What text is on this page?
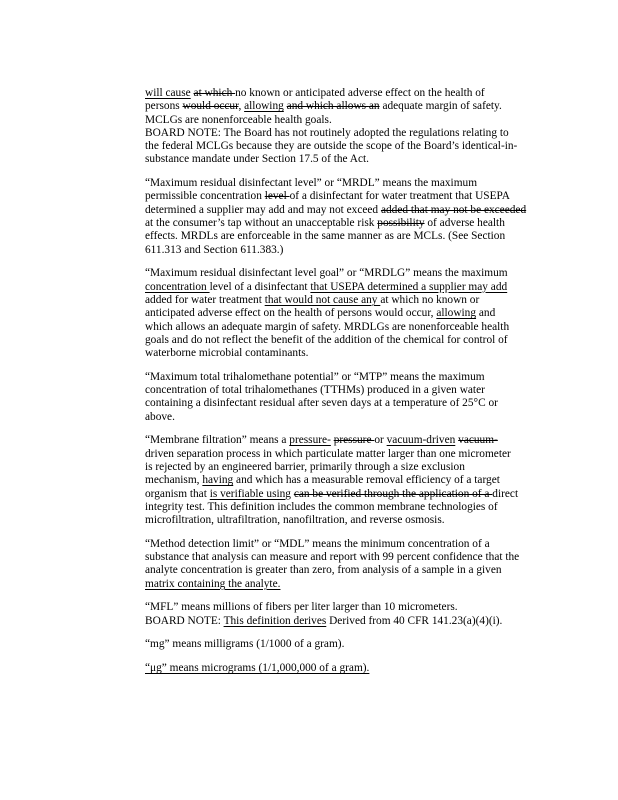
will cause at which no known or anticipated adverse effect on the health of
persons would occur, allowing and which allows an adequate margin of safety.
MCLGs are nonenforceable health goals.
BOARD NOTE: The Board has not routinely adopted the regulations relating to
the federal MCLGs because they are outside the scope of the Board’s identical-in-
substance mandate under Section 17.5 of the Act.
“Maximum residual disinfectant level” or “MRDL” means the maximum
permissible concentration level of a disinfectant for water treatment that USEPA
determined a supplier may add and may not exceed added that may not be exceeded
at the consumer’s tap without an unacceptable risk possibility of adverse health
effects. MRDLs are enforceable in the same manner as are MCLs. (See Section
611.313 and Section 611.383.)
“Maximum residual disinfectant level goal” or “MRDLG” means the maximum
concentration level of a disinfectant that USEPA determined a supplier may add
added for water treatment that would not cause any at which no known or
anticipated adverse effect on the health of persons would occur, allowing and
which allows an adequate margin of safety. MRDLGs are nonenforceable health
goals and do not reflect the benefit of the addition of the chemical for control of
waterborne microbial contaminants.
“Maximum total trihalomethane potential” or “MTP” means the maximum
concentration of total trihalomethanes (TTHMs) produced in a given water
containing a disinfectant residual after seven days at a temperature of 25°C or
above.
“Membrane filtration” means a pressure- pressure or vacuum-driven vacuum-
driven separation process in which particulate matter larger than one micrometer
is rejected by an engineered barrier, primarily through a size exclusion
mechanism, having and which has a measurable removal efficiency of a target
organism that is verifiable using can be verified through the application of a direct
integrity test. This definition includes the common membrane technologies of
microfiltration, ultrafiltration, nanofiltration, and reverse osmosis.
“Method detection limit” or “MDL” means the minimum concentration of a
substance that analysis can measure and report with 99 percent confidence that the
analyte concentration is greater than zero, from analysis of a sample in a given
matrix containing the analyte.
“MFL” means millions of fibers per liter larger than 10 micrometers.
BOARD NOTE: This definition derives Derived from 40 CFR 141.23(a)(4)(i).
“mg” means milligrams (1/1000 of a gram).
“μg” means micrograms (1/1,000,000 of a gram).
